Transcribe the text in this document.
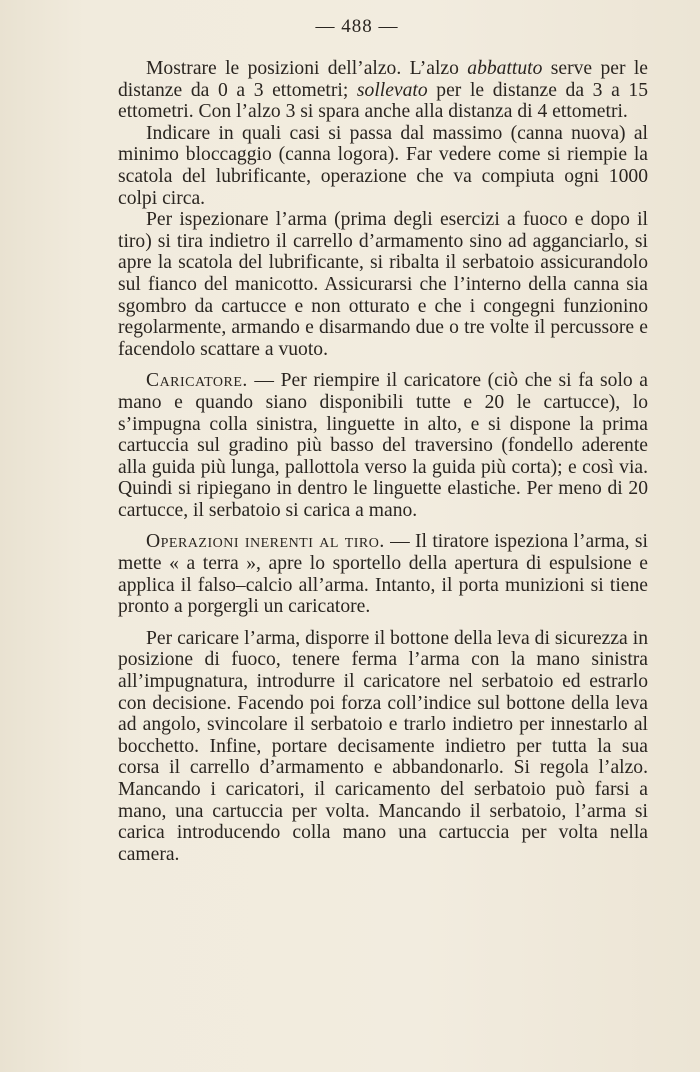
— 488 —

Mostrare le posizioni dell’alzo. L’alzo abbattuto serve per le distanze da 0 a 3 ettometri; sollevato per le distanze da 3 a 15 ettometri. Con l’alzo 3 si spara anche alla distanza di 4 ettometri.

Indicare in quali casi si passa dal massimo (canna nuova) al minimo bloccaggio (canna logora). Far vedere come si riempie la scatola del lubrificante, operazione che va compiuta ogni 1000 colpi circa.

Per ispezionare l’arma (prima degli esercizi a fuoco e dopo il tiro) si tira indietro il carrello d’armamento sino ad agganciarlo, si apre la scatola del lubrificante, si ribalta il serbatoio assicurandolo sul fianco del manicotto. Assicurarsi che l’interno della canna sia sgombro da cartucce e non otturato e che i congegni funzionino regolarmente, armando e disarmando due o tre volte il percussore e facendolo scattare a vuoto.

Caricatore. — Per riempire il caricatore (ciò che si fa solo a mano e quando siano disponibili tutte e 20 le cartucce), lo s’impugna colla sinistra, linguette in alto, e si dispone la prima cartuccia sul gradino più basso del traversino (fondello aderente alla guida più lunga, pallottola verso la guida più corta); e così via. Quindi si ripiegano in dentro le linguette elastiche. Per meno di 20 cartucce, il serbatoio si carica a mano.

Operazioni inerenti al tiro. — Il tiratore ispeziona l’arma, si mette « a terra », apre lo sportello della apertura di espulsione e applica il falso–calcio all’arma. Intanto, il porta munizioni si tiene pronto a porgergli un caricatore.

Per caricare l’arma, disporre il bottone della leva di sicurezza in posizione di fuoco, tenere ferma l’arma con la mano sinistra all’impugnatura, introdurre il caricatore nel serbatoio ed estrarlo con decisione. Facendo poi forza coll’indice sul bottone della leva ad angolo, svincolare il serbatoio e trarlo indietro per innestarlo al bocchetto. Infine, portare decisamente indietro per tutta la sua corsa il carrello d’armamento e abbandonarlo. Si regola l’alzo. Mancando i caricatori, il caricamento del serbatoio può farsi a mano, una cartuccia per volta. Mancando il serbatoio, l’arma si carica introducendo colla mano una cartuccia per volta nella camera.
